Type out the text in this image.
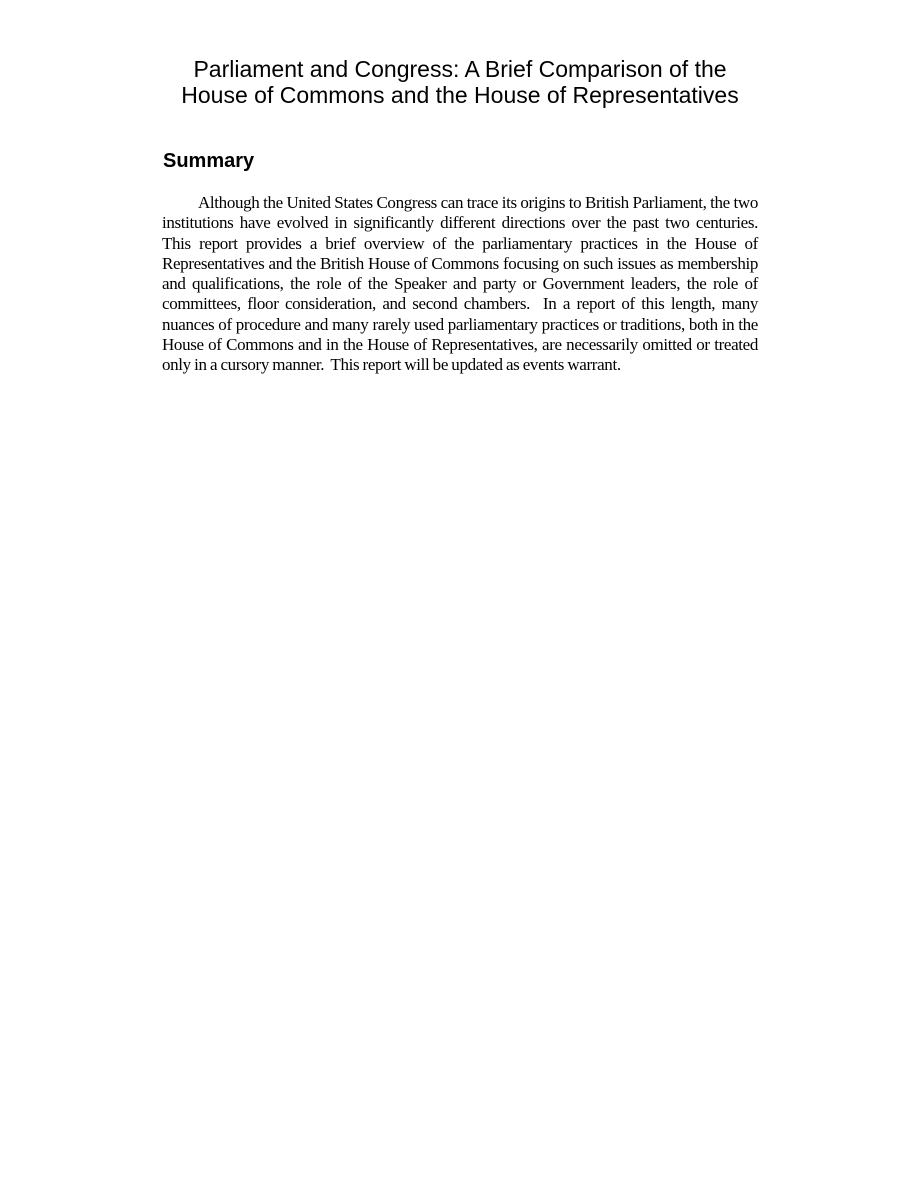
Parliament and Congress: A Brief Comparison of the
House of Commons and the House of Representatives
Summary

Although the United States Congress can trace its origins to British Parliament, the two institutions have evolved in significantly different directions over the past two centuries.  This report provides a brief overview of the parliamentary practices in the House of Representatives and the British House of Commons focusing on such issues as membership and qualifications, the role of the Speaker and party or Government leaders, the role of committees, floor consideration, and second chambers.  In a report of this length, many nuances of procedure and many rarely used parliamentary practices or traditions, both in the House of Commons and in the House of Representatives, are necessarily omitted or treated only in a cursory manner.  This report will be updated as events warrant.
